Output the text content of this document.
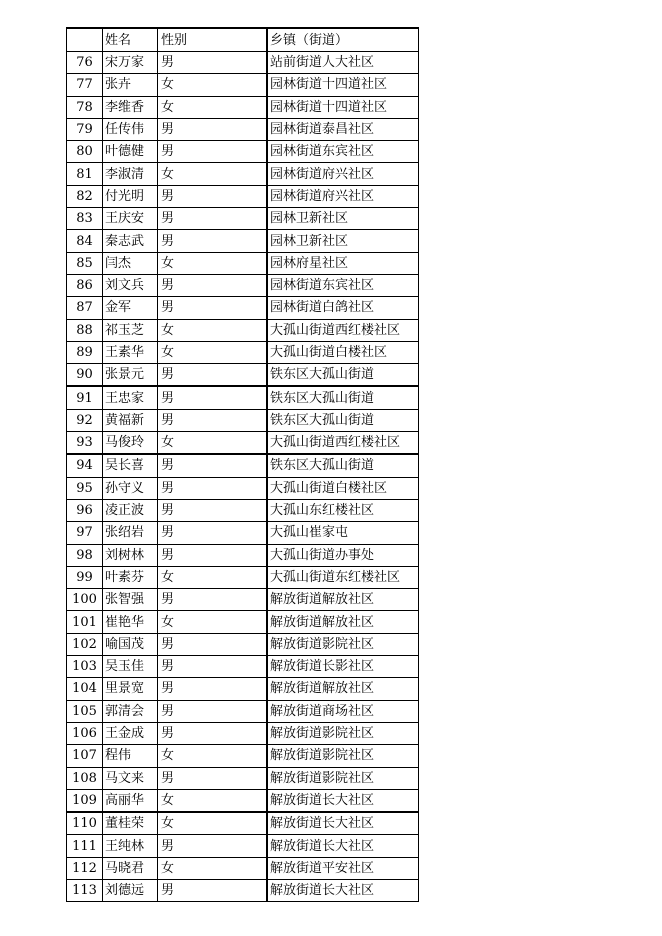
	姓名	性别	乡镇（街道）
76	宋万家	男	站前街道人大社区
77	张卉	女	园林街道十四道社区
78	李维香	女	园林街道十四道社区
79	任传伟	男	园林街道泰昌社区
80	叶德健	男	园林街道东宾社区
81	李淑清	女	园林街道府兴社区
82	付光明	男	园林街道府兴社区
83	王庆安	男	园林卫新社区
84	秦志武	男	园林卫新社区
85	闫杰	女	园林府星社区
86	刘文兵	男	园林街道东宾社区
87	金军	男	园林街道白鸽社区
88	祁玉芝	女	大孤山街道西红楼社区
89	王素华	女	大孤山街道白楼社区
90	张景元	男	铁东区大孤山街道
91	王忠家	男	铁东区大孤山街道
92	黄福新	男	铁东区大孤山街道
93	马俊玲	女	大孤山街道西红楼社区
94	吴长喜	男	铁东区大孤山街道
95	孙守义	男	大孤山街道白楼社区
96	凌正波	男	大孤山东红楼社区
97	张绍岩	男	大孤山崔家屯
98	刘树林	男	大孤山街道办事处
99	叶素芬	女	大孤山街道东红楼社区
100	张智强	男	解放街道解放社区
101	崔艳华	女	解放街道解放社区
102	喻国茂	男	解放街道影院社区
103	吴玉佳	男	解放街道长影社区
104	里景宽	男	解放街道解放社区
105	郭清会	男	解放街道商场社区
106	王金成	男	解放街道影院社区
107	程伟	女	解放街道影院社区
108	马文来	男	解放街道影院社区
109	高丽华	女	解放街道长大社区
110	董桂荣	女	解放街道长大社区
111	王纯林	男	解放街道长大社区
112	马晓君	女	解放街道平安社区
113	刘德远	男	解放街道长大社区
